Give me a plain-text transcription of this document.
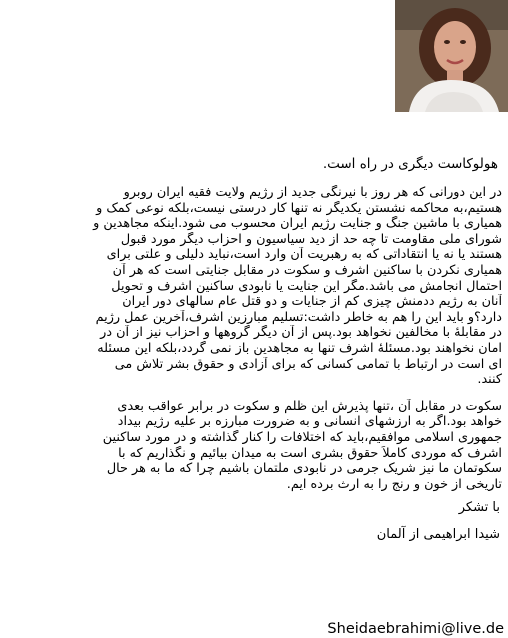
هولوکاست دیگری در راه است.

در این دورانی که هر روز با نیرنگی جدید از رژیم ولایت فقیه ایران روبرو
هستیم،به محاکمه نشستن یکدیگر نه تنها کار درستی نیست،بلکه نوعی کمک و
همیاری با ماشین جنگ و جنایت رژیم ایران محسوب می شود.اینکه مجاهدین و
شورای ملی مقاومت تا چه حد از دید سیاسیون و احزاب دیگر مورد قبول
هستند یا نه یا انتقاداتی که به رهبریت آن وارد است،نباید دلیلی و علتی برای
همیاری نکردن با ساکنین اشرف و سکوت در مقابل جنایتی است که هر آن
احتمال انجامش می باشد.مگر این جنایت یا نابودی ساکنین اشرف و تحویل
آنان به رژیم ددمنش چیزی کم از جنایات و دو قتل عام سالهای دور ایران
دارد؟و باید این را هم به خاطر داشت:تسلیم مبارزین اشرف،آخرین عمل رژیم
در مقابلهٔ با مخالفین نخواهد بود.پس از آن دیگر گروهها و احزاب نیز از آن در
امان نخواهند بود.مسئلهٔ اشرف تنها به مجاهدین باز نمی گردد،بلکه این مسئله
ای است در ارتباط با تمامی کسانی که برای آزادی و حقوق بشر تلاش می
کنند.

سکوت در مقابل آن ،تنها پذیرش این ظلم و سکوت در برابر عواقب بعدی
خواهد بود.اگر به ارزشهای انسانی و به ضرورت مبارزه بر علیه رژیم بیداد
جمهوری اسلامی موافقیم،باید که اختلافات را کنار گذاشته و در مورد ساکنین
اشرف که موردی کاملاً حقوق بشری است به میدان بیائیم و نگذاریم که با
سکوتمان ما نیز شریک جرمی در نابودی ملتمان باشیم چرا که ما به هر حال
تاریخی از خون و رنج را به ارث برده ایم.

با تشکر
شیدا ابراهیمی از آلمان
Sheidaebrahimi@live.de
